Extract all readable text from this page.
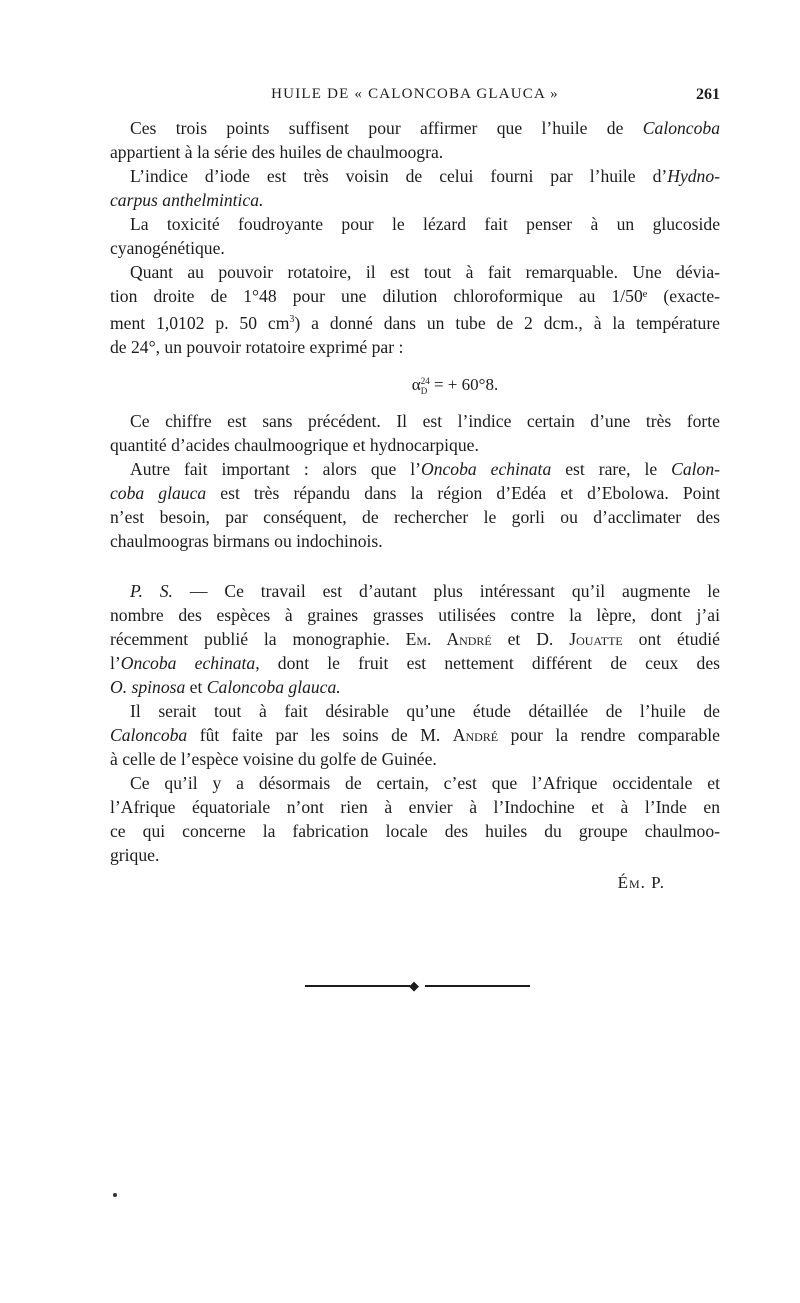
HUILE DE « CALONCOBA GLAUCA »	261
Ces trois points suffisent pour affirmer que l’huile de Caloncoba
appartient à la série des huiles de chaulmoogra.
L’indice d’iode est très voisin de celui fourni par l’huile d’Hydno-
carpus anthelmintica.
La toxicité foudroyante pour le lézard fait penser à un glucoside
cyanogénétique.
Quant au pouvoir rotatoire, il est tout à fait remarquable. Une dévia-
tion droite de 1°48 pour une dilution chloroformique au 1/50ᵉ (exacte-
ment 1,0102 p. 50 $cm^3$) a donné dans un tube de 2 dcm., à la température
de 24°, un pouvoir rotatoire exprimé par :
α 24
D = + 60°8.
Ce chiffre est sans précédent. Il est l’indice certain d’une très forte
quantité d’acides chaulmoogrique et hydnocarpique.
Autre fait important : alors que l’Oncoba echinata est rare, le Calon-
coba glauca est très répandu dans la région d’Edéa et d’Ebolowa. Point
n’est besoin, par conséquent, de rechercher le gorli ou d’acclimater des
chaulmoogras birmans ou indochinois.
P. S. — Ce travail est d’autant plus intéressant qu’il augmente le
nombre des espèces à graines grasses utilisées contre la lèpre, dont j’ai
récemment publié la monographie. Em. André et D. Jouatte ont étudié
l’Oncoba echinata, dont le fruit est nettement différent de ceux des
O. spinosa et Caloncoba glauca.
Il serait tout à fait désirable qu’une étude détaillée de l’huile de
Caloncoba fût faite par les soins de M. André pour la rendre comparable
à celle de l’espèce voisine du golfe de Guinée.
Ce qu’il y a désormais de certain, c’est que l’Afrique occidentale et
l’Afrique équatoriale n’ont rien à envier à l’Indochine et à l’Inde en
ce qui concerne la fabrication locale des huiles du groupe chaulmoo-
grique.
Ém. P.
◆
